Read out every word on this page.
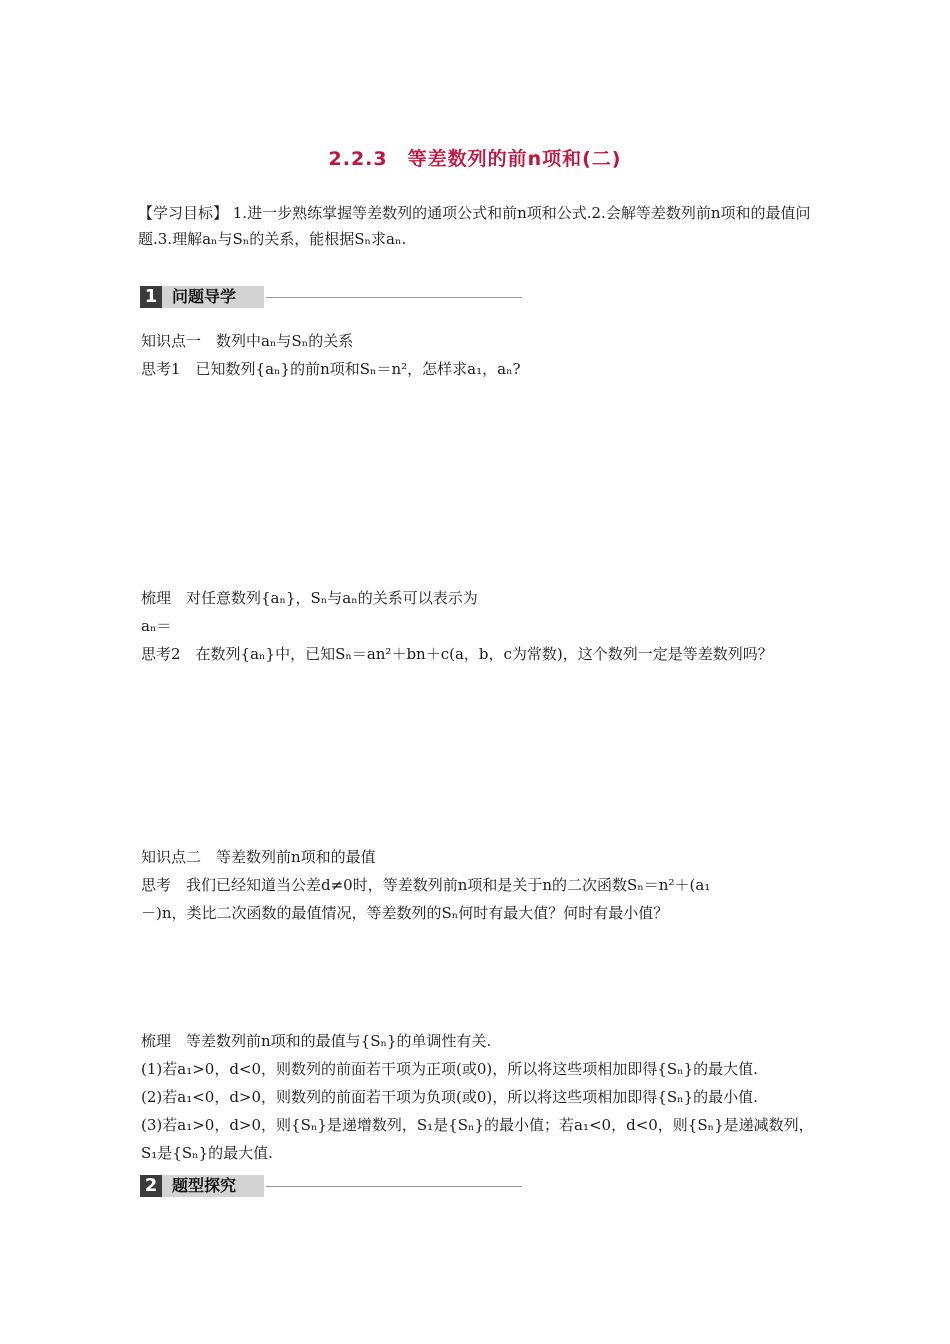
2.2.3　等差数列的前n项和(二)
【学习目标】 1.进一步熟练掌握等差数列的通项公式和前n项和公式.2.会解等差数列前n项和的最值问题.3.理解aₙ与Sₙ的关系，能根据Sₙ求aₙ.
1 问题导学
知识点一　数列中aₙ与Sₙ的关系
思考1　已知数列{aₙ}的前n项和Sₙ＝n²，怎样求a₁，aₙ?
梳理　对任意数列{aₙ}，Sₙ与aₙ的关系可以表示为
aₙ＝
思考2　在数列{aₙ}中，已知Sₙ＝an²＋bn＋c(a，b，c为常数)，这个数列一定是等差数列吗？
知识点二　等差数列前n项和的最值
思考　我们已经知道当公差d≠0时，等差数列前n项和是关于n的二次函数Sₙ＝n²＋(a₁
－)n，类比二次函数的最值情况，等差数列的Sₙ何时有最大值？何时有最小值？
梳理　等差数列前n项和的最值与{Sₙ}的单调性有关.
(1)若a₁>0，d<0，则数列的前面若干项为正项(或0)，所以将这些项相加即得{Sₙ}的最大值.
(2)若a₁<0，d>0，则数列的前面若干项为负项(或0)，所以将这些项相加即得{Sₙ}的最小值.
(3)若a₁>0，d>0，则{Sₙ}是递增数列，S₁是{Sₙ}的最小值；若a₁<0，d<0，则{Sₙ}是递减数列，
S₁是{Sₙ}的最大值.
2 题型探究
